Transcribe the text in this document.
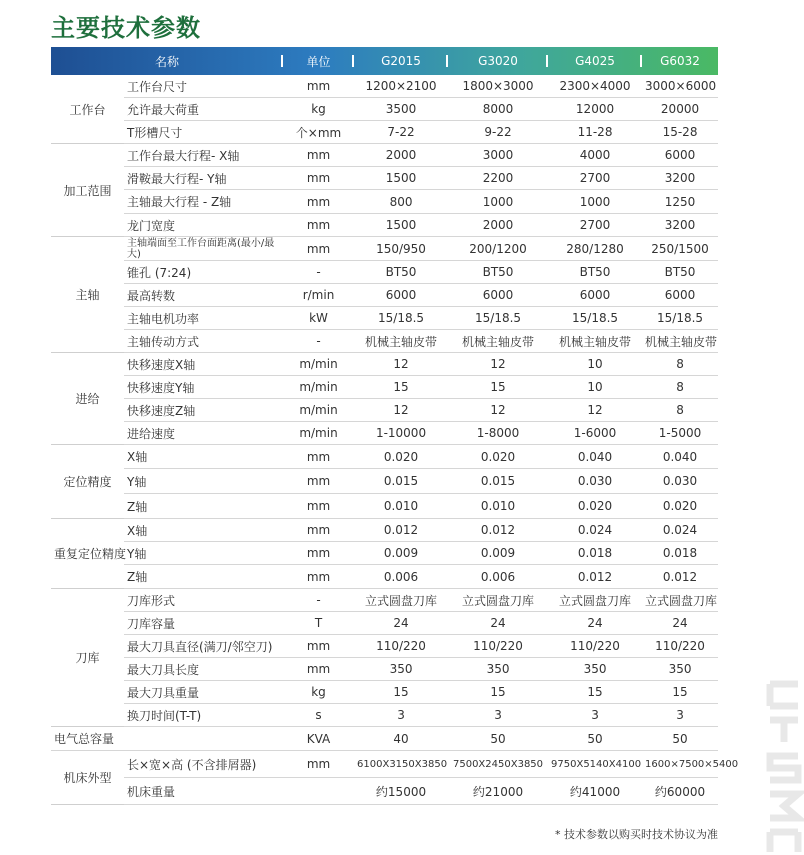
主要技术参数
名称		单位	G2015	G3020	G4025	G6032
工作台	工作台尺寸	mm	1200×2100	1800×3000	2300×4000	3000×6000
	允许最大荷重	kg	3500	8000	12000	20000
	T形槽尺寸	个×mm	7-22	9-22	11-28	15-28
加工范围	工作台最大行程- X轴	mm	2000	3000	4000	6000
	滑鞍最大行程- Y轴	mm	1500	2200	2700	3200
	主轴最大行程 - Z轴	mm	800	1000	1000	1250
	龙门宽度	mm	1500	2000	2700	3200
主轴	主轴端面至工作台面距离(最小/最大)	mm	150/950	200/1200	280/1280	250/1500
	锥孔 (7:24)	-	BT50	BT50	BT50	BT50
	最高转数	r/min	6000	6000	6000	6000
	主轴电机功率	kW	15/18.5	15/18.5	15/18.5	15/18.5
	主轴传动方式	-	机械主轴皮带	机械主轴皮带	机械主轴皮带	机械主轴皮带
进给	快移速度X轴	m/min	12	12	10	8
	快移速度Y轴	m/min	15	15	10	8
	快移速度Z轴	m/min	12	12	12	8
	进给速度	m/min	1-10000	1-8000	1-6000	1-5000
定位精度	X轴	mm	0.020	0.020	0.040	0.040
	Y轴	mm	0.015	0.015	0.030	0.030
	Z轴	mm	0.010	0.010	0.020	0.020
重复定位精度	X轴	mm	0.012	0.012	0.024	0.024
	Y轴	mm	0.009	0.009	0.018	0.018
	Z轴	mm	0.006	0.006	0.012	0.012
刀库	刀库形式	-	立式圆盘刀库	立式圆盘刀库	立式圆盘刀库	立式圆盘刀库
	刀库容量	T	24	24	24	24
	最大刀具直径(满刀/邻空刀)	mm	110/220	110/220	110/220	110/220
	最大刀具长度	mm	350	350	350	350
	最大刀具重量	kg	15	15	15	15
	换刀时间(T-T)	s	3	3	3	3
电气总容量		KVA	40	50	50	50
机床外型	长×宽×高 (不含排屑器)	mm	6100X3150X3850	7500X2450X3850	9750X5140X4100	1600×7500×5400
	机床重量		约15000	约21000	约41000	约60000
* 技术参数以购买时技术协议为准
